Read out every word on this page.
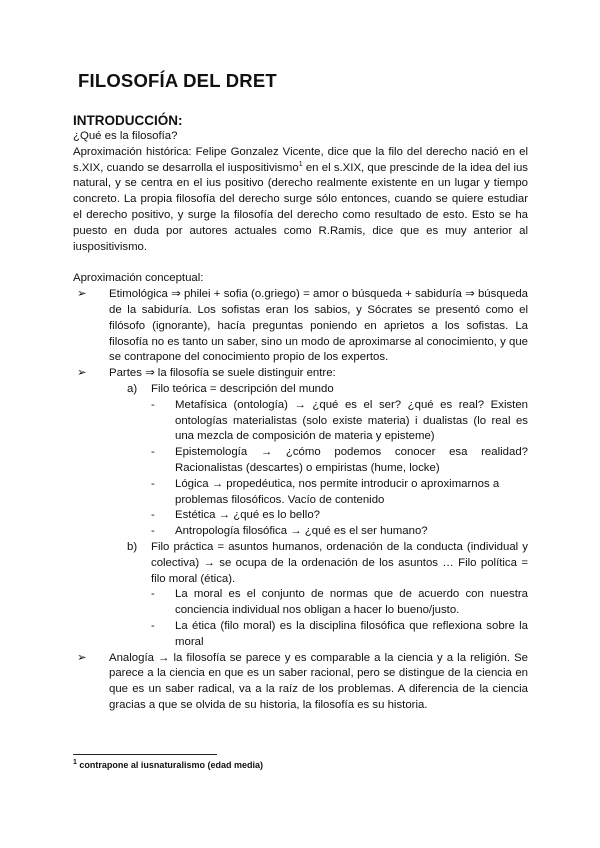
FILOSOFÍA DEL DRET

INTRODUCCIÓN:

¿Qué es la filosofía?

Aproximación histórica: Felipe Gonzalez Vicente, dice que la filo del derecho nació en el s.XIX, cuando se desarrolla el iuspositivismo$^1$ en el s.XIX, que prescinde de la idea del ius natural, y se centra en el ius positivo (derecho realmente existente en un lugar y tiempo concreto. La propia filosofía del derecho surge sólo entonces, cuando se quiere estudiar el derecho positivo, y surge la filosofía del derecho como resultado de esto. Esto se ha puesto en duda por autores actuales como R.Ramis, dice que es muy anterior al iuspositivismo.

Aproximación conceptual:

➢ Etimológica ⇒ philei + sofia (o.griego) = amor o búsqueda + sabiduría ⇒ búsqueda de la sabiduría. Los sofistas eran los sabios, y Sócrates se presentó como el filósofo (ignorante), hacía preguntas poniendo en aprietos a los sofistas. La filosofía no es tanto un saber, sino un modo de aproximarse al conocimiento, y que se contrapone del conocimiento propio de los expertos.

➢ Partes ⇒ la filosofía se suele distinguir entre:

a) Filo teórica = descripción del mundo

- Metafísica (ontología) → ¿qué es el ser? ¿qué es real? Existen ontologías materialistas (solo existe materia) i dualistas (lo real es una mezcla de composición de materia y episteme)

- Epistemología → ¿cómo podemos conocer esa realidad? Racionalistas (descartes) o empiristas (hume, locke)

- Lógica → propedéutica, nos permite introducir o aproximarnos a problemas filosóficos. Vacío de contenido

- Estética → ¿qué es lo bello?

- Antropología filosófica → ¿qué es el ser humano?

b) Filo práctica = asuntos humanos, ordenación de la conducta (individual y colectiva) → se ocupa de la ordenación de los asuntos … Filo política = filo moral (ética).

- La moral es el conjunto de normas que de acuerdo con nuestra conciencia individual nos obligan a hacer lo bueno/justo.

- La ética (filo moral) es la disciplina filosófica que reflexiona sobre la moral

➢ Analogía → la filosofía se parece y es comparable a la ciencia y a la religión. Se parece a la ciencia en que es un saber racional, pero se distingue de la ciencia en que es un saber radical, va a la raíz de los problemas. A diferencia de la ciencia gracias a que se olvida de su historia, la filosofía es su historia.

$^1$ contrapone al iusnaturalismo (edad media)
